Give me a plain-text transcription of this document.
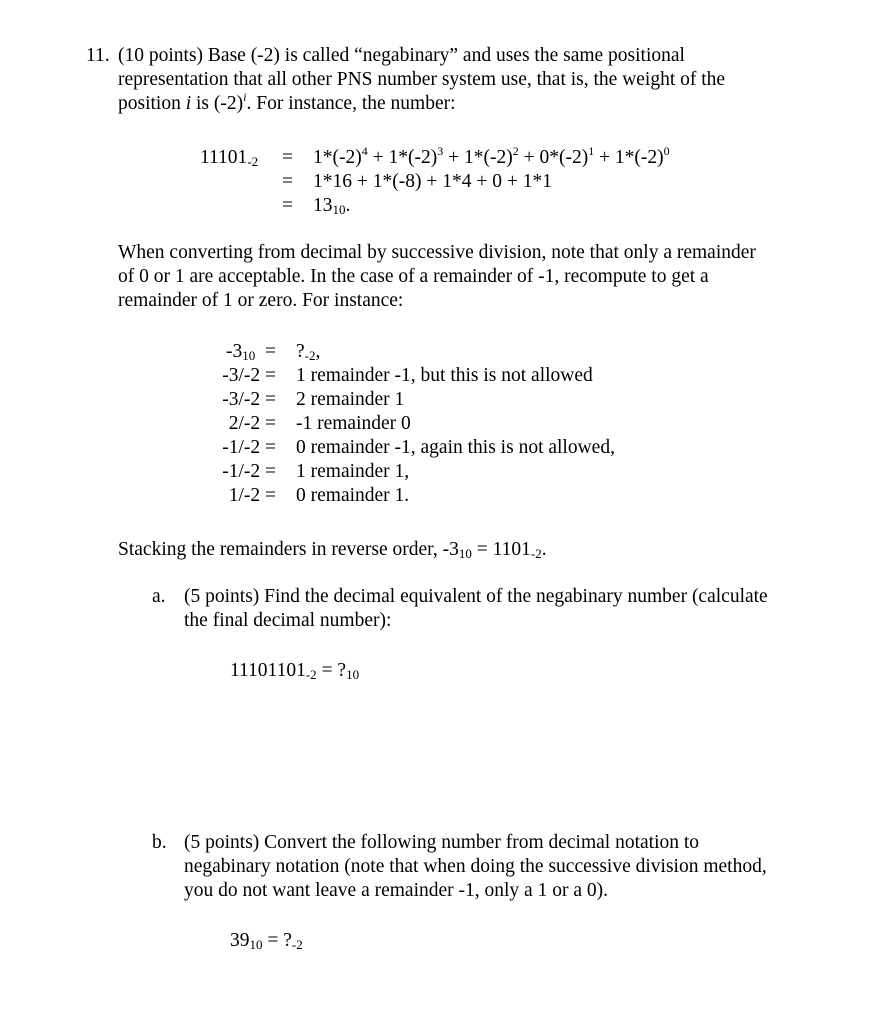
11. (10 points) Base (-2) is called “negabinary” and uses the same positional
representation that all other PNS number system use, that is, the weight of the
position i is $(-2)^i$. For instance, the number:
$11101_{-2} = 1*(-2)^4 + 1*(-2)^3 + 1*(-2)^2 + 0*(-2)^1 + 1*(-2)^0$
= 1*16 + 1*(-8) + 1*4 + 0 + 1*1
= $13_{10}$.
When converting from decimal by successive division, note that only a remainder
of 0 or 1 are acceptable. In the case of a remainder of -1, recompute to get a
remainder of 1 or zero. For instance:
$-3_{10}$ = $?_{-2}$,
-3/-2 = 1 remainder -1, but this is not allowed
-3/-2 = 2 remainder 1
2/-2 = -1 remainder 0
-1/-2 = 0 remainder -1, again this is not allowed,
-1/-2 = 1 remainder 1,
1/-2 = 0 remainder 1.
Stacking the remainders in reverse order, $-3_{10} = 1101_{-2}$.
a. (5 points) Find the decimal equivalent of the negabinary number (calculate
the final decimal number):
$11101101_{-2}$ = $?_{10}$
b. (5 points) Convert the following number from decimal notation to
negabinary notation (note that when doing the successive division method,
you do not want leave a remainder -1, only a 1 or a 0).
$39_{10}$ = $?_{-2}$
